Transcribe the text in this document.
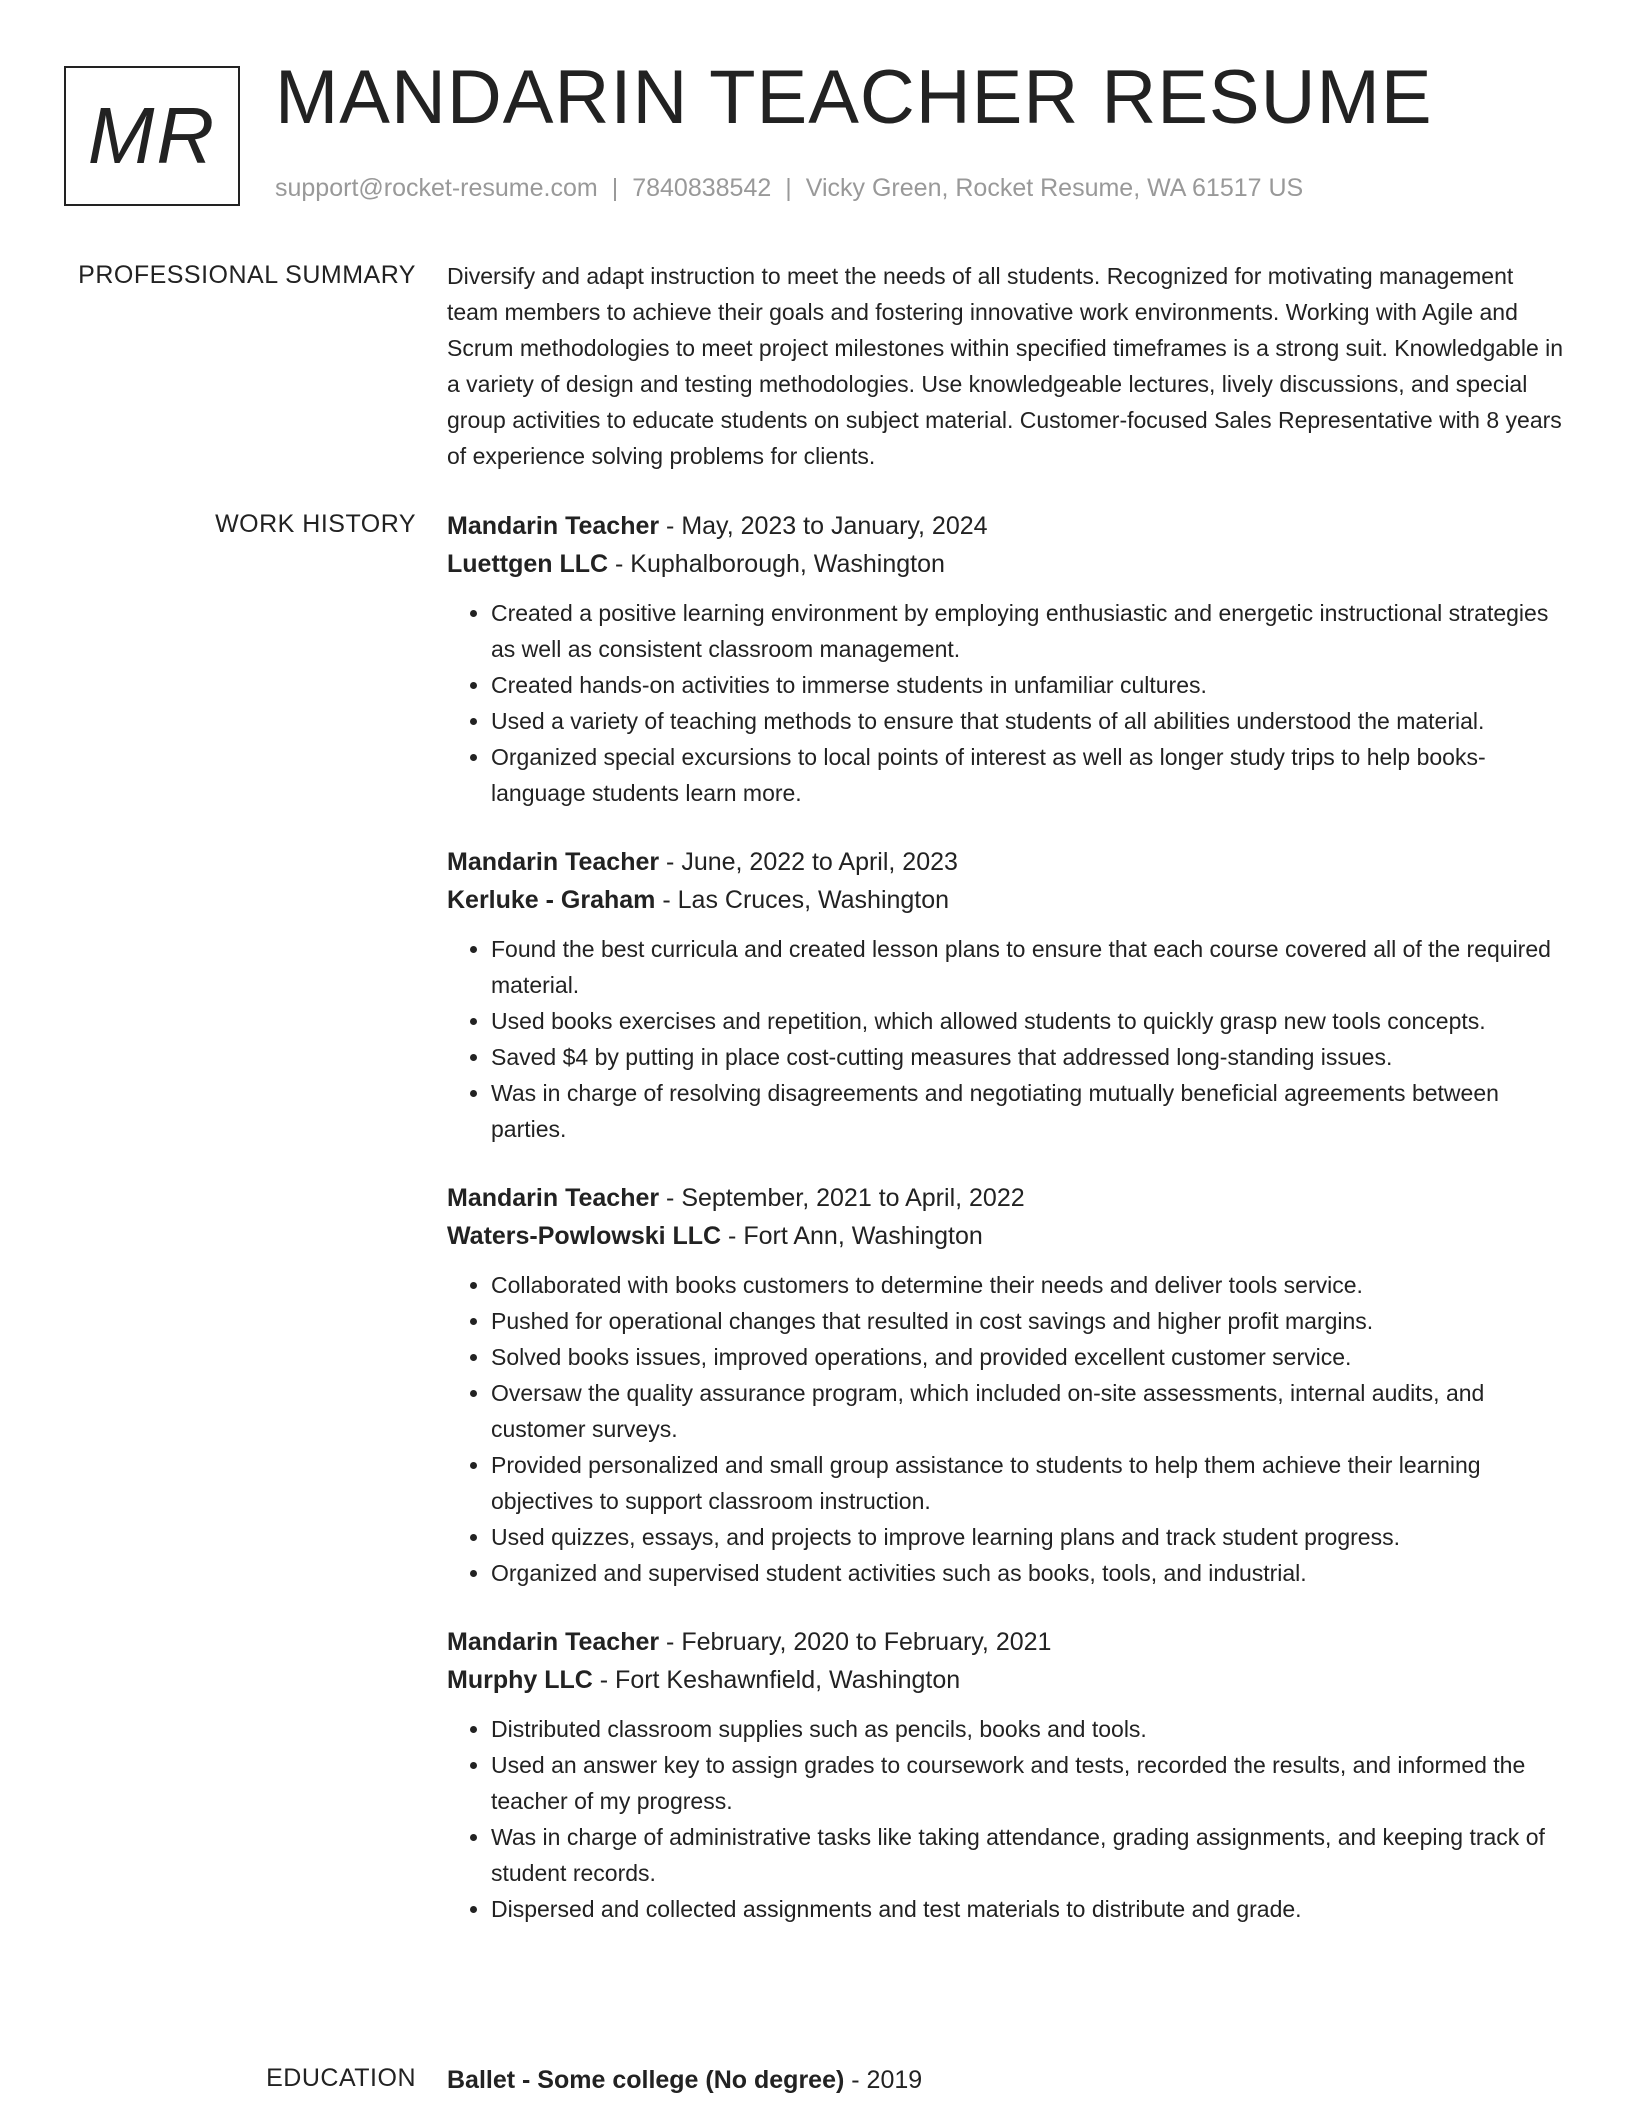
MR MANDARIN TEACHER RESUME
support@rocket-resume.com | 7840838542 | Vicky Green, Rocket Resume, WA 61517 US
PROFESSIONAL SUMMARY Diversify and adapt instruction to meet the needs of all students. Recognized for motivating management team members to achieve their goals and fostering innovative work environments. Working with Agile and Scrum methodologies to meet project milestones within specified timeframes is a strong suit. Knowledgable in a variety of design and testing methodologies. Use knowledgeable lectures, lively discussions, and special group activities to educate students on subject material. Customer-focused Sales Representative with 8 years of experience solving problems for clients.

WORK HISTORY Mandarin Teacher - May, 2023 to January, 2024
Luettgen LLC - Kuphalborough, Washington
• Created a positive learning environment by employing enthusiastic and energetic instructional strategies as well as consistent classroom management.
• Created hands-on activities to immerse students in unfamiliar cultures.
• Used a variety of teaching methods to ensure that students of all abilities understood the material.
• Organized special excursions to local points of interest as well as longer study trips to help books-language students learn more.
Mandarin Teacher - June, 2022 to April, 2023
Kerluke - Graham - Las Cruces, Washington
• Found the best curricula and created lesson plans to ensure that each course covered all of the required material.
• Used books exercises and repetition, which allowed students to quickly grasp new tools concepts.
• Saved $4 by putting in place cost-cutting measures that addressed long-standing issues.
• Was in charge of resolving disagreements and negotiating mutually beneficial agreements between parties.
Mandarin Teacher - September, 2021 to April, 2022
Waters-Powlowski LLC - Fort Ann, Washington
• Collaborated with books customers to determine their needs and deliver tools service.
• Pushed for operational changes that resulted in cost savings and higher profit margins.
• Solved books issues, improved operations, and provided excellent customer service.
• Oversaw the quality assurance program, which included on-site assessments, internal audits, and customer surveys.
• Provided personalized and small group assistance to students to help them achieve their learning objectives to support classroom instruction.
• Used quizzes, essays, and projects to improve learning plans and track student progress.
• Organized and supervised student activities such as books, tools, and industrial.
Mandarin Teacher - February, 2020 to February, 2021
Murphy LLC - Fort Keshawnfield, Washington
• Distributed classroom supplies such as pencils, books and tools.
• Used an answer key to assign grades to coursework and tests, recorded the results, and informed the teacher of my progress.
• Was in charge of administrative tasks like taking attendance, grading assignments, and keeping track of student records.
• Dispersed and collected assignments and test materials to distribute and grade.
EDUCATION Ballet - Some college (No degree) - 2019
